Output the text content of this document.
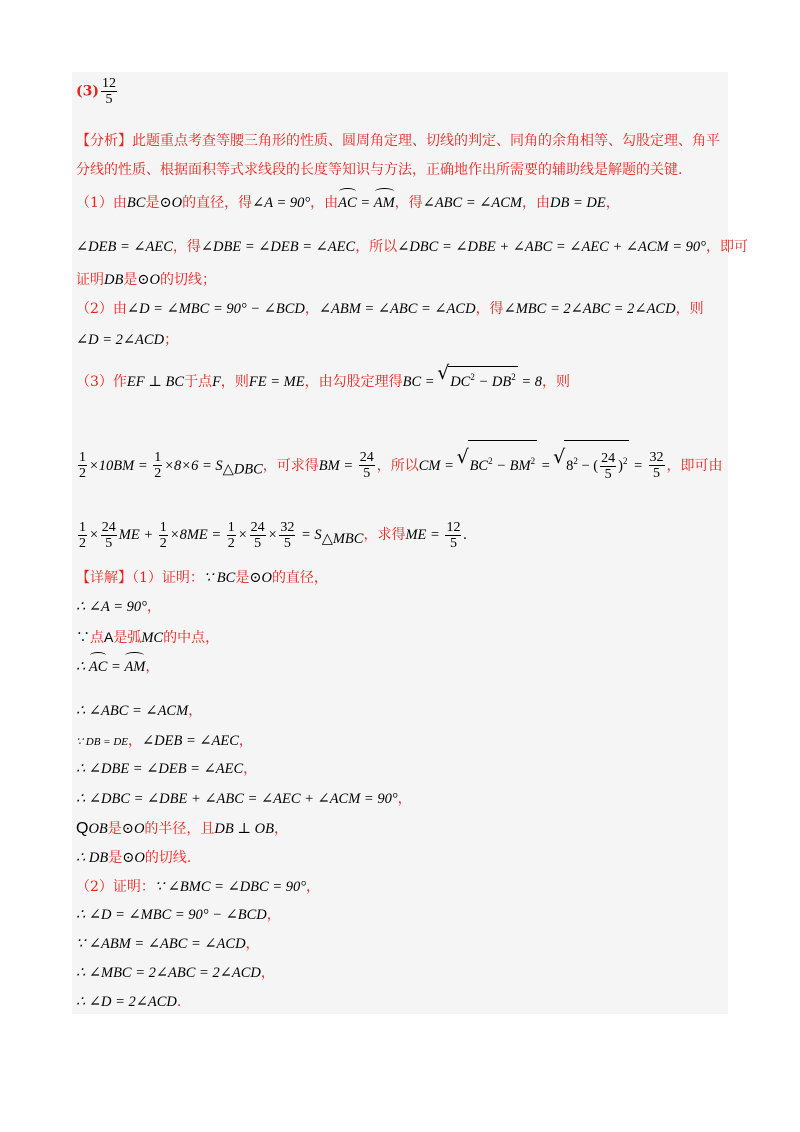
$(3) \frac{12}{5}$
【分析】此题重点考查等腰三角形的性质、圆周角定理、切线的判定、同角的余角相等、勾股定理、角平
分线的性质、根据面积等式求线段的长度等知识与方法，正确地作出所需要的辅助线是解题的关键.
（1）由BC是⊙O的直径，得∠A = 90°，由AC = AM，得∠ABC = ∠ACM，由DB = DE，
∠DEB = ∠AEC，得∠DBE = ∠DEB = ∠AEC，所以∠DBC = ∠DBE + ∠ABC = ∠AEC + ∠ACM = 90°，即可
证明DB是⊙O的切线；
（2）由∠D = ∠MBC = 90° − ∠BCD，∠ABM = ∠ABC = ∠ACD，得∠MBC = 2∠ABC = 2∠ACD，则
∠D = 2∠ACD；
（3）作EF ⊥ BC于点F，则FE = ME，由勾股定理得BC = √ $DC^2 - DB^2 = 8$，则
$\frac{1}{2} \times 10BM = \frac{1}{2} \times 8\times 6 = S_{\triangle DBC}$，可求得BM = $\frac{24}{5}$ ，所以CM = √ $BC^2 - BM^2$ = √ $8^2$ − ( $\frac{24}{5} )^2 = \frac{32}{5}$ ，即可由
$\frac{1}{2} \times \frac{24}{5}$ ME + $\frac{1}{2} \times 8ME = \frac{1}{2} \times \frac{24}{5} \times \frac{32}{5} = S_{\triangle MBC}$，求得ME = $\frac{12}{5}$ .
【详解】（1）证明：∵ BC是⊙O的直径，
∴ ∠A = 90°，
∵点A是弧MC的中点，
∴ AC = AM，
∴ ∠ABC = ∠ACM，
∵ DB = DE，∠DEB = ∠AEC，
∴ ∠DBE = ∠DEB = ∠AEC，
∴ ∠DBC = ∠DBE + ∠ABC = ∠AEC + ∠ACM = 90°，
QOB是⊙O的半径，且DB ⊥ OB，
∴ DB是⊙O的切线.
（2）证明：∵ ∠BMC = ∠DBC = 90°，
∴ ∠D = ∠MBC = 90° − ∠BCD，
∵ ∠ABM = ∠ABC = ∠ACD，
∴ ∠MBC = 2∠ABC = 2∠ACD，
∴ ∠D = 2∠ACD.
